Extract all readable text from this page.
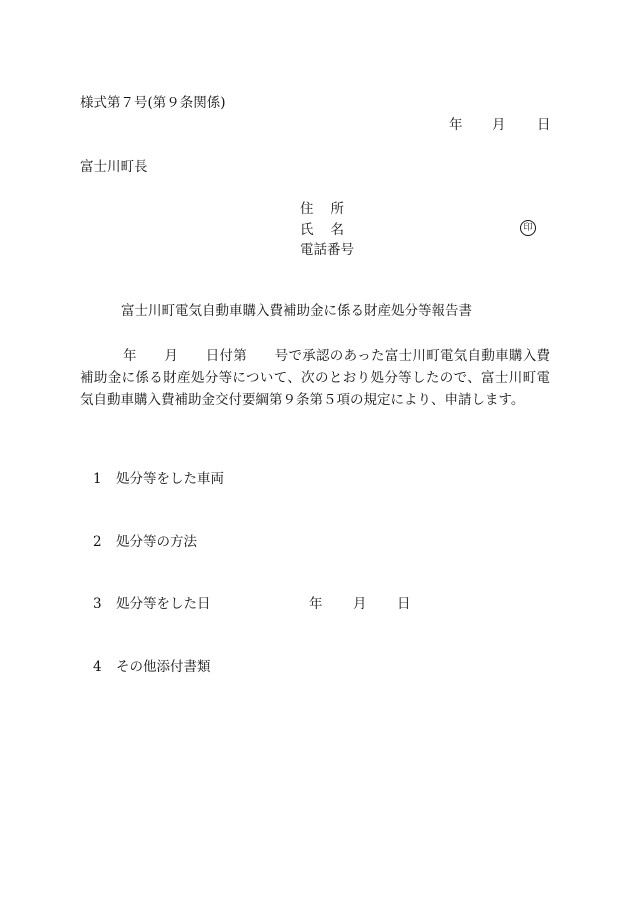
様式第７号(第９条関係)
年 月 日
富士川町長
住所
氏名
電話番号
印
富士川町電気自動車購入費補助金に係る財産処分等報告書
年　　月　　日付第　　号で承認のあった富士川町電気自動車購入費補助金に係る財産処分等について、次のとおり処分等したので、富士川町電気自動車購入費補助金交付要綱第９条第５項の規定により、申請します。
1 処分等をした車両
2 処分等の方法
3 処分等をした日	年 月 日
4 その他添付書類
